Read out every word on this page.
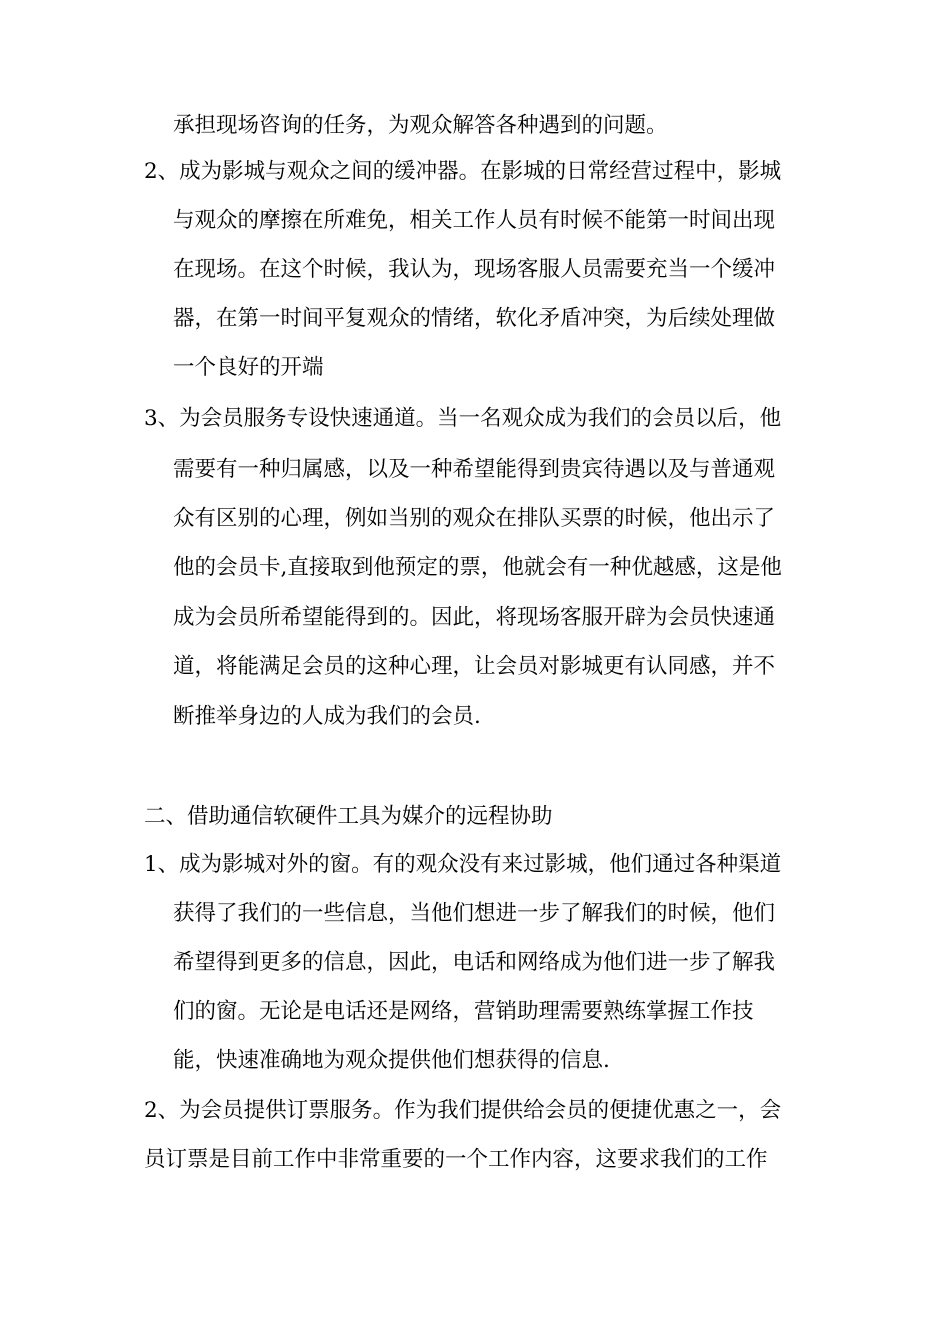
承担现场咨询的任务，为观众解答各种遇到的问题。
2、成为影城与观众之间的缓冲器。在影城的日常经营过程中，影城
与观众的摩擦在所难免，相关工作人员有时候不能第一时间出现
在现场。在这个时候，我认为，现场客服人员需要充当一个缓冲
器，在第一时间平复观众的情绪，软化矛盾冲突，为后续处理做
一个良好的开端
3、为会员服务专设快速通道。当一名观众成为我们的会员以后，他
需要有一种归属感，以及一种希望能得到贵宾待遇以及与普通观
众有区别的心理，例如当别的观众在排队买票的时候，他出示了
他的会员卡,直接取到他预定的票，他就会有一种优越感，这是他
成为会员所希望能得到的。因此，将现场客服开辟为会员快速通
道，将能满足会员的这种心理，让会员对影城更有认同感，并不
断推举身边的人成为我们的会员.
二、借助通信软硬件工具为媒介的远程协助
1、成为影城对外的窗。有的观众没有来过影城，他们通过各种渠道
获得了我们的一些信息，当他们想进一步了解我们的时候，他们
希望得到更多的信息，因此，电话和网络成为他们进一步了解我
们的窗。无论是电话还是网络，营销助理需要熟练掌握工作技
能，快速准确地为观众提供他们想获得的信息.
2、为会员提供订票服务。作为我们提供给会员的便捷优惠之一，会
员订票是目前工作中非常重要的一个工作内容，这要求我们的工作
